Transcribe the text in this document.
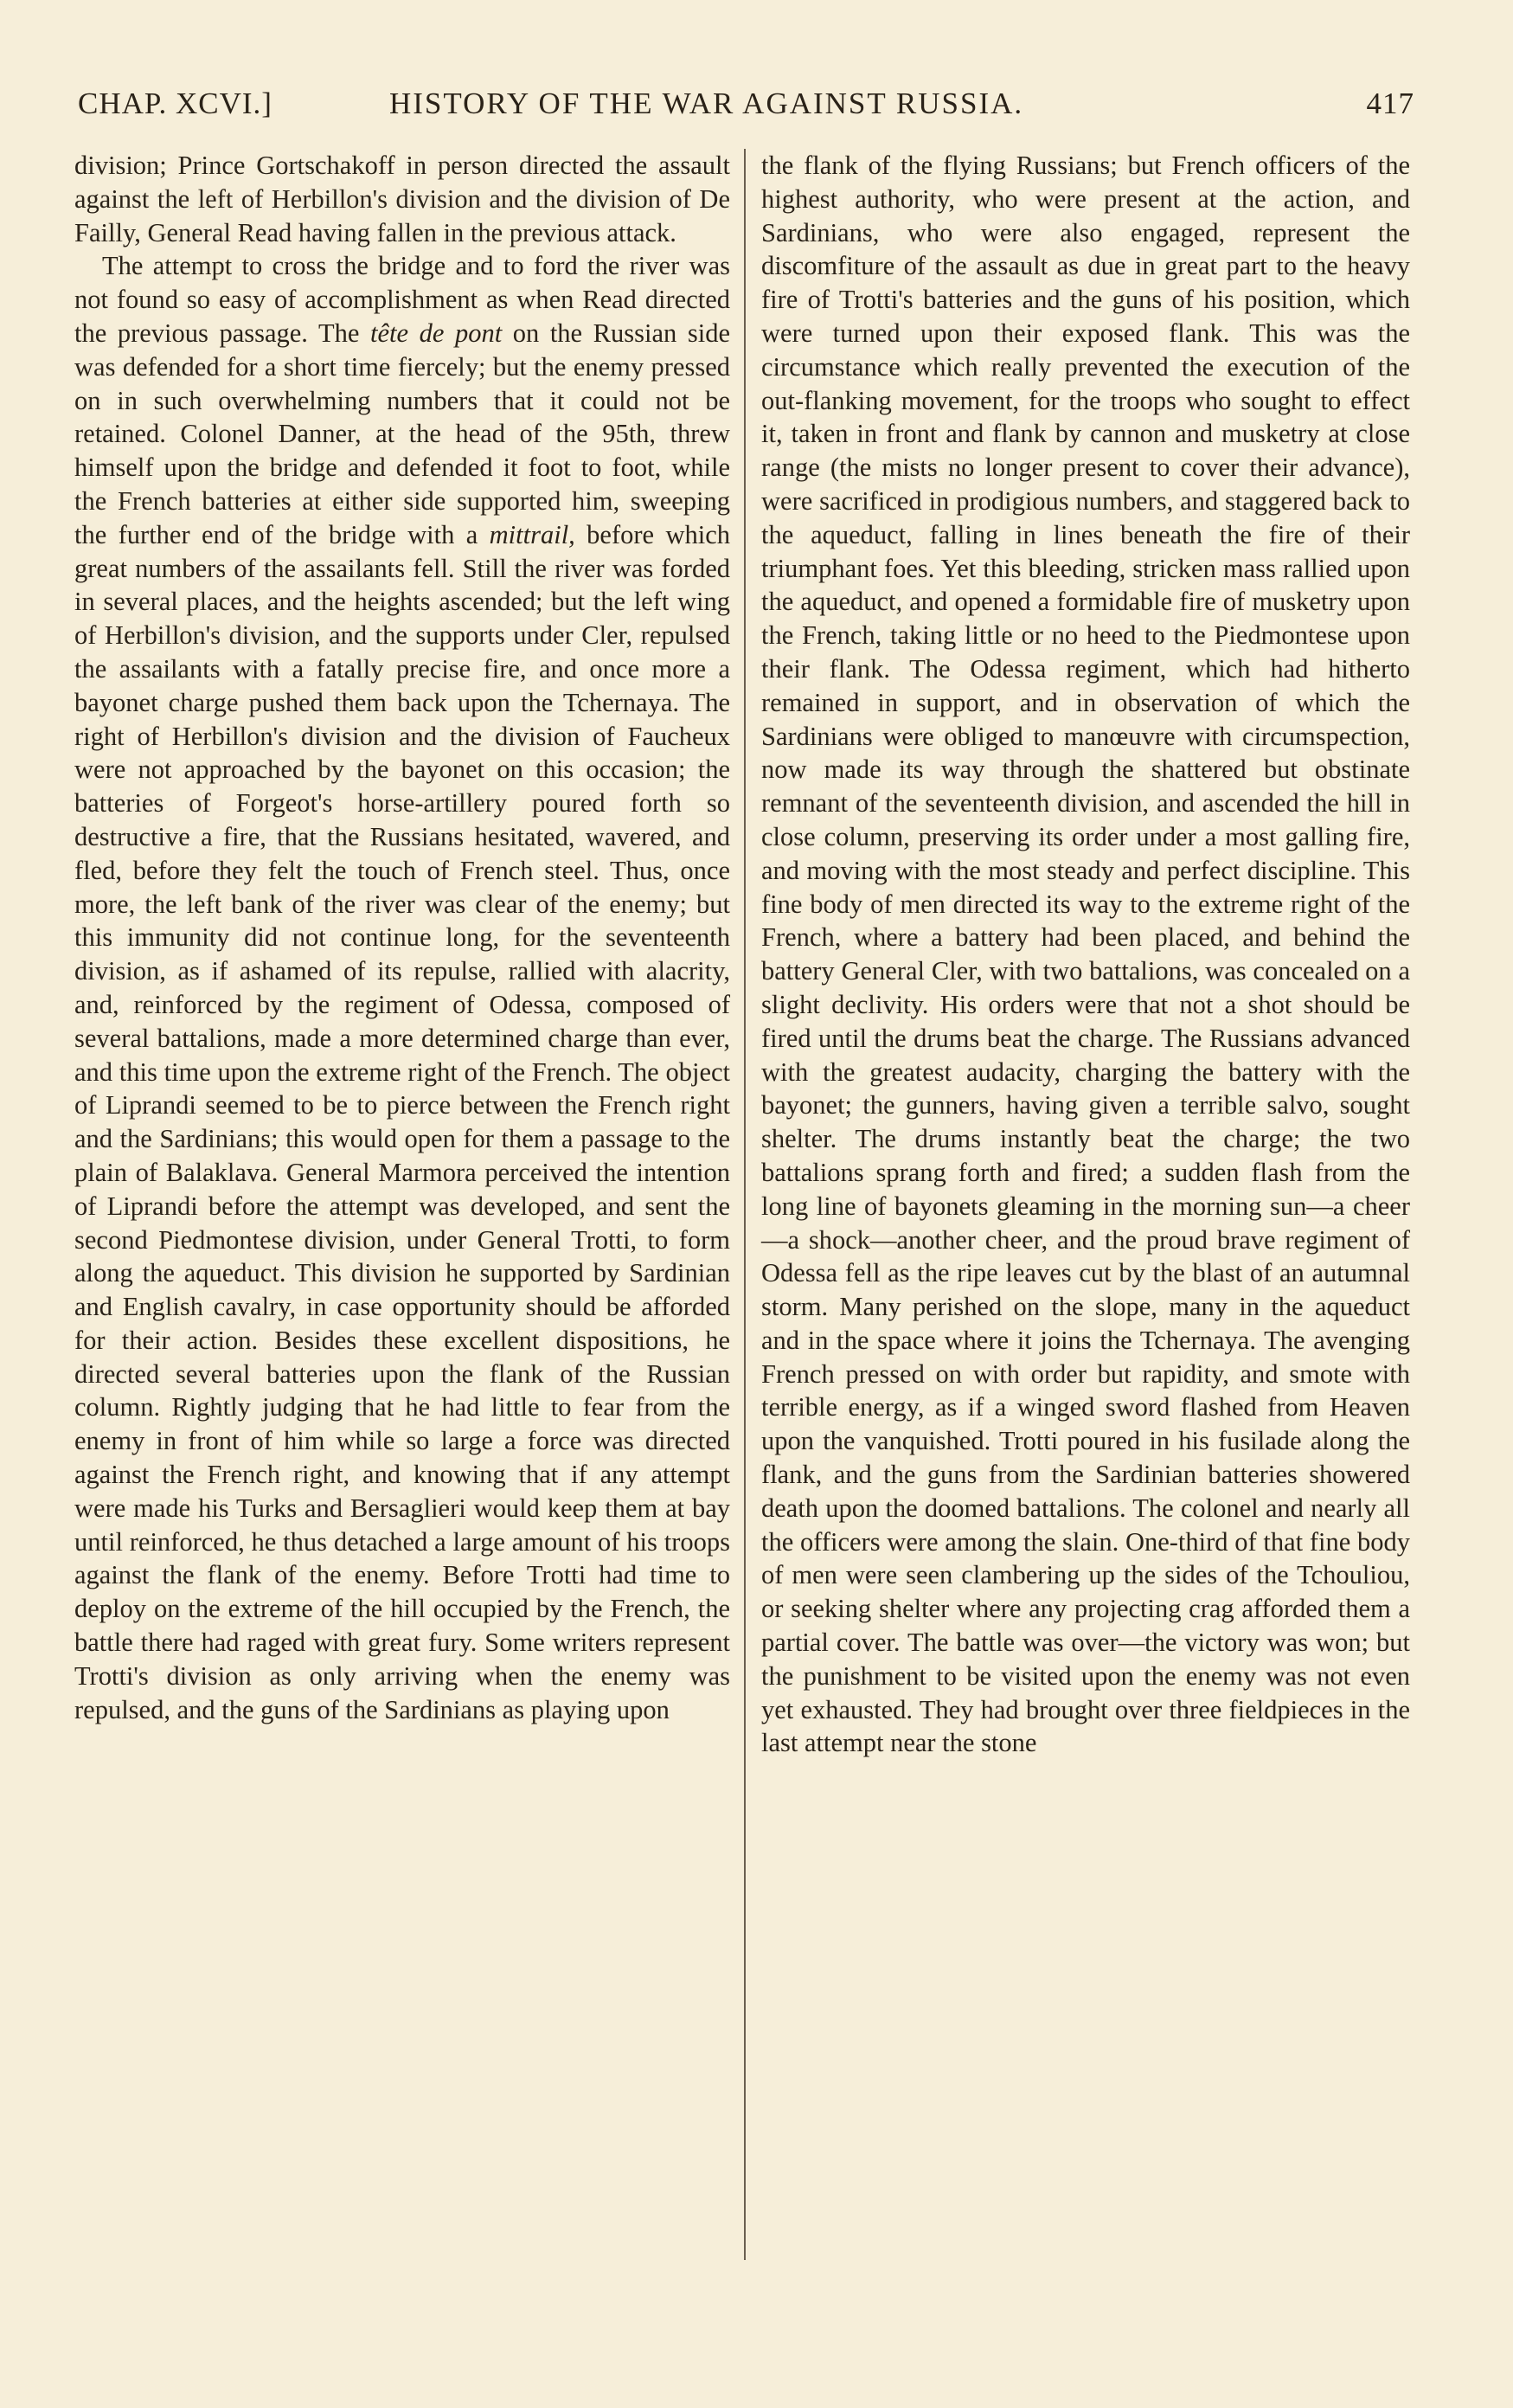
CHAP. XCVI.]	HISTORY OF THE WAR AGAINST RUSSIA.	417

division; Prince Gortschakoff in person directed the assault against the left of Herbillon's division and the division of De Failly, General Read having fallen in the previous attack.

The attempt to cross the bridge and to ford the river was not found so easy of accomplishment as when Read directed the previous passage. The tête de pont on the Russian side was defended for a short time fiercely; but the enemy pressed on in such overwhelming numbers that it could not be retained. Colonel Danner, at the head of the 95th, threw himself upon the bridge and defended it foot to foot, while the French batteries at either side supported him, sweeping the further end of the bridge with a mittrail, before which great numbers of the assailants fell. Still the river was forded in several places, and the heights ascended; but the left wing of Herbillon's division, and the supports under Cler, repulsed the assailants with a fatally precise fire, and once more a bayonet charge pushed them back upon the Tchernaya. The right of Herbillon's division and the division of Faucheux were not approached by the bayonet on this occasion; the batteries of Forgeot's horse-artillery poured forth so destructive a fire, that the Russians hesitated, wavered, and fled, before they felt the touch of French steel. Thus, once more, the left bank of the river was clear of the enemy; but this immunity did not continue long, for the seventeenth division, as if ashamed of its repulse, rallied with alacrity, and, reinforced by the regiment of Odessa, composed of several battalions, made a more determined charge than ever, and this time upon the extreme right of the French. The object of Liprandi seemed to be to pierce between the French right and the Sardinians; this would open for them a passage to the plain of Balaklava. General Marmora perceived the intention of Liprandi before the attempt was developed, and sent the second Piedmontese division, under General Trotti, to form along the aqueduct. This division he supported by Sardinian and English cavalry, in case opportunity should be afforded for their action. Besides these excellent dispositions, he directed several batteries upon the flank of the Russian column. Rightly judging that he had little to fear from the enemy in front of him while so large a force was directed against the French right, and knowing that if any attempt were made his Turks and Bersaglieri would keep them at bay until reinforced, he thus detached a large amount of his troops against the flank of the enemy. Before Trotti had time to deploy on the extreme of the hill occupied by the French, the battle there had raged with great fury. Some writers represent Trotti's division as only arriving when the enemy was repulsed, and the guns of the Sardinians as playing upon

the flank of the flying Russians; but French officers of the highest authority, who were present at the action, and Sardinians, who were also engaged, represent the discomfiture of the assault as due in great part to the heavy fire of Trotti's batteries and the guns of his position, which were turned upon their exposed flank. This was the circumstance which really prevented the execution of the out-flanking movement, for the troops who sought to effect it, taken in front and flank by cannon and musketry at close range (the mists no longer present to cover their advance), were sacrificed in prodigious numbers, and staggered back to the aqueduct, falling in lines beneath the fire of their triumphant foes. Yet this bleeding, stricken mass rallied upon the aqueduct, and opened a formidable fire of musketry upon the French, taking little or no heed to the Piedmontese upon their flank. The Odessa regiment, which had hitherto remained in support, and in observation of which the Sardinians were obliged to manœuvre with circumspection, now made its way through the shattered but obstinate remnant of the seventeenth division, and ascended the hill in close column, preserving its order under a most galling fire, and moving with the most steady and perfect discipline. This fine body of men directed its way to the extreme right of the French, where a battery had been placed, and behind the battery General Cler, with two battalions, was concealed on a slight declivity. His orders were that not a shot should be fired until the drums beat the charge. The Russians advanced with the greatest audacity, charging the battery with the bayonet; the gunners, having given a terrible salvo, sought shelter. The drums instantly beat the charge; the two battalions sprang forth and fired; a sudden flash from the long line of bayonets gleaming in the morning sun—a cheer—a shock—another cheer, and the proud brave regiment of Odessa fell as the ripe leaves cut by the blast of an autumnal storm. Many perished on the slope, many in the aqueduct and in the space where it joins the Tchernaya. The avenging French pressed on with order but rapidity, and smote with terrible energy, as if a winged sword flashed from Heaven upon the vanquished. Trotti poured in his fusilade along the flank, and the guns from the Sardinian batteries showered death upon the doomed battalions. The colonel and nearly all the officers were among the slain. One-third of that fine body of men were seen clambering up the sides of the Tchouliou, or seeking shelter where any projecting crag afforded them a partial cover. The battle was over—the victory was won; but the punishment to be visited upon the enemy was not even yet exhausted. They had brought over three fieldpieces in the last attempt near the stone
